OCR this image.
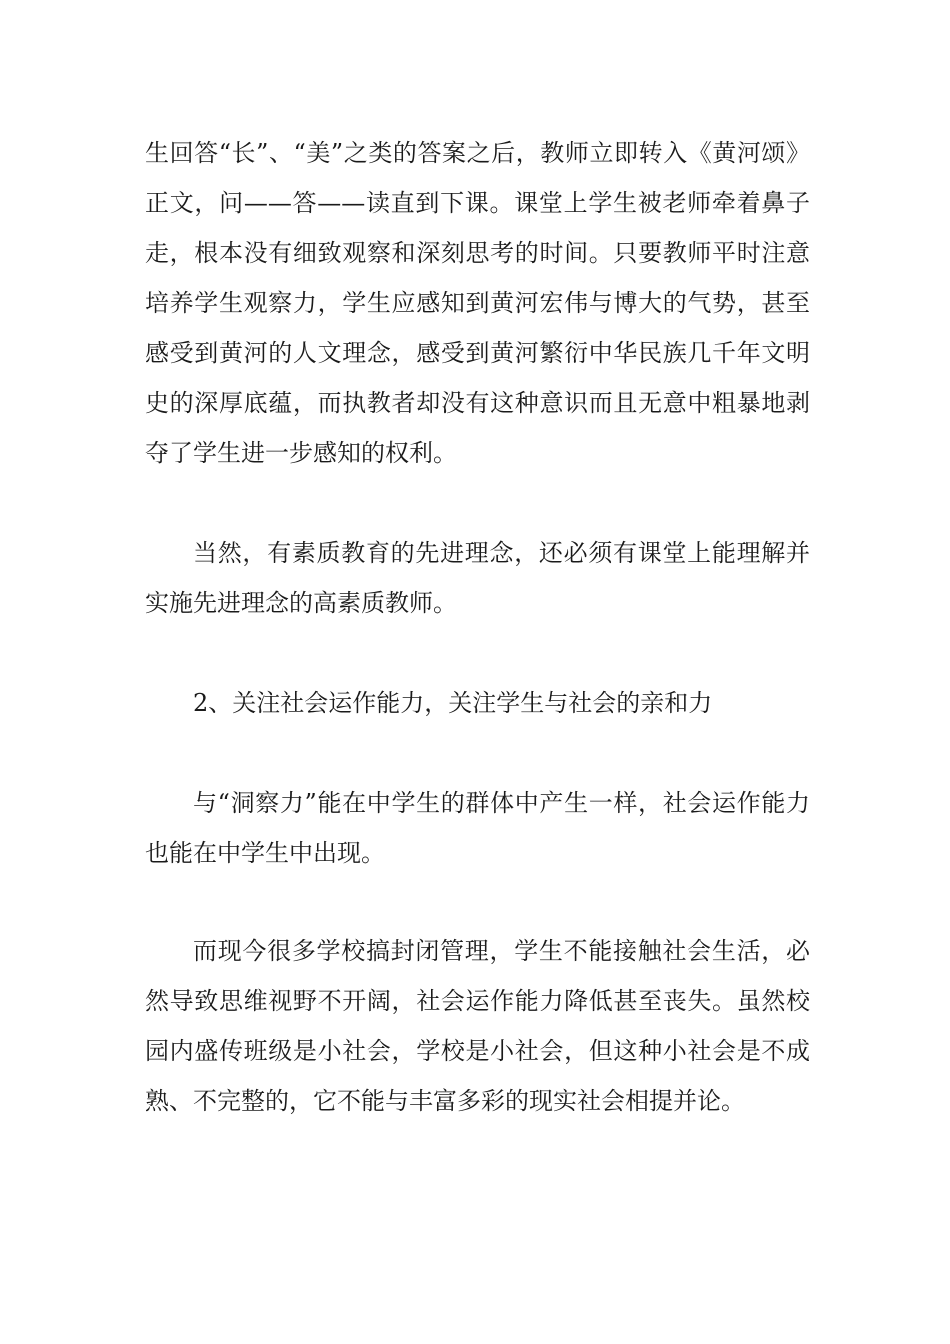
生回答“长”、“美”之类的答案之后，教师立即转入《黄河颂》正文，问——答——读直到下课。课堂上学生被老师牵着鼻子走，根本没有细致观察和深刻思考的时间。只要教师平时注意培养学生观察力，学生应感知到黄河宏伟与博大的气势，甚至感受到黄河的人文理念，感受到黄河繁衍中华民族几千年文明史的深厚底蕴，而执教者却没有这种意识而且无意中粗暴地剥夺了学生进一步感知的权利。

当然，有素质教育的先进理念，还必须有课堂上能理解并实施先进理念的高素质教师。

2、关注社会运作能力，关注学生与社会的亲和力

与“洞察力”能在中学生的群体中产生一样，社会运作能力也能在中学生中出现。

而现今很多学校搞封闭管理，学生不能接触社会生活，必然导致思维视野不开阔，社会运作能力降低甚至丧失。虽然校园内盛传班级是小社会，学校是小社会，但这种小社会是不成熟、不完整的，它不能与丰富多彩的现实社会相提并论。
